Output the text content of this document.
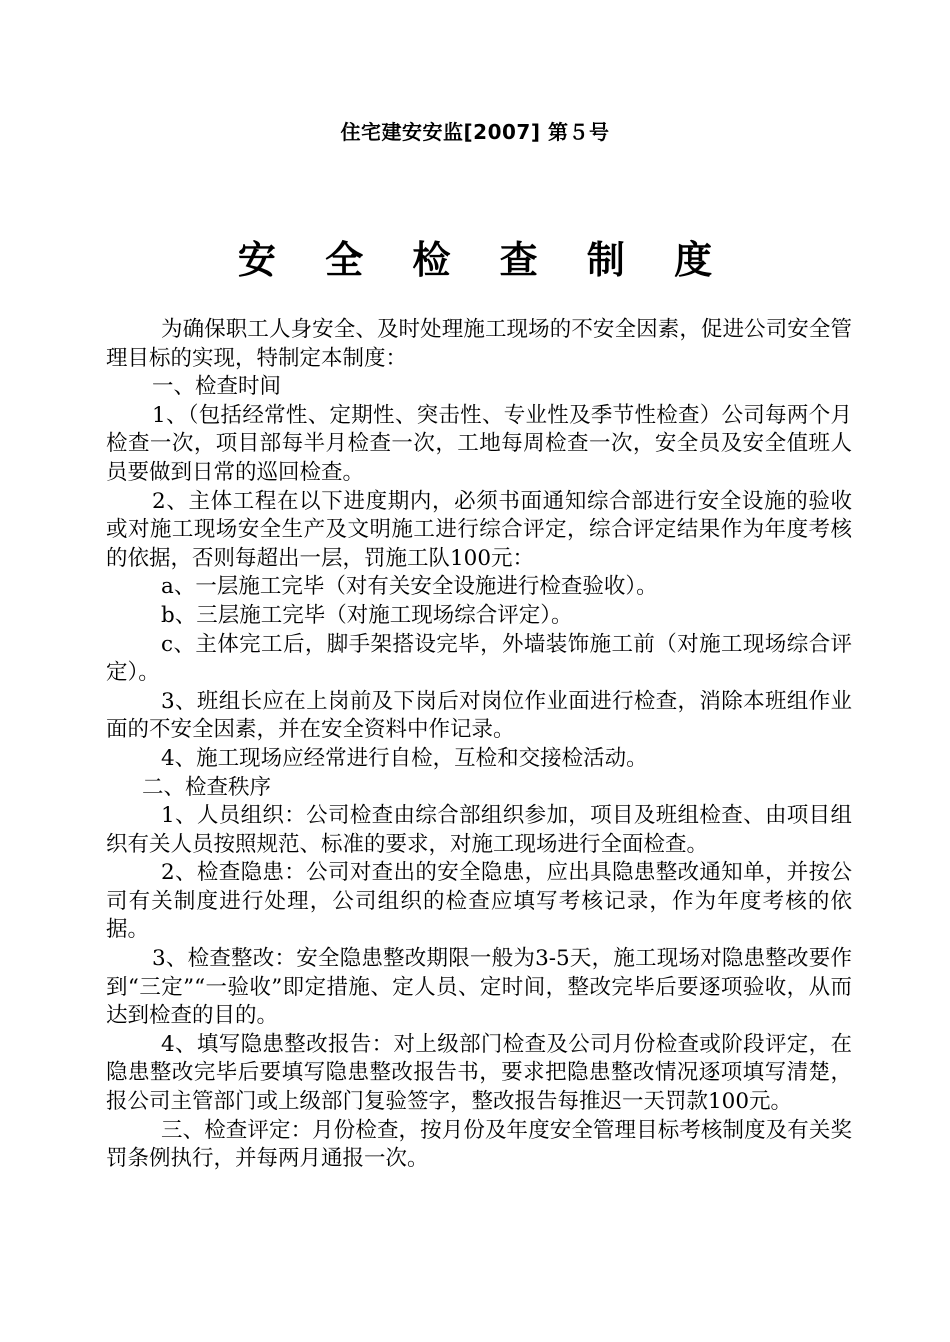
住宅建安安监[2007] 第５号
安 全 检 查 制 度

为确保职工人身安全、及时处理施工现场的不安全因素，促进公司安全管理目标的实现，特制定本制度：

一、检查时间

1、（包括经常性、定期性、突击性、专业性及季节性检查）公司每两个月检查一次，项目部每半月检查一次，工地每周检查一次，安全员及安全值班人员要做到日常的巡回检查。

2、主体工程在以下进度期内，必须书面通知综合部进行安全设施的验收或对施工现场安全生产及文明施工进行综合评定，综合评定结果作为年度考核的依据，否则每超出一层，罚施工队100元：

a、一层施工完毕（对有关安全设施进行检查验收）。

b、三层施工完毕（对施工现场综合评定）。

c、主体完工后，脚手架搭设完毕，外墙装饰施工前（对施工现场综合评定）。

3、班组长应在上岗前及下岗后对岗位作业面进行检查，消除本班组作业面的不安全因素，并在安全资料中作记录。

4、施工现场应经常进行自检，互检和交接检活动。

二、检查秩序

1、人员组织：公司检查由综合部组织参加，项目及班组检查、由项目组织有关人员按照规范、标准的要求，对施工现场进行全面检查。

2、检查隐患：公司对查出的安全隐患，应出具隐患整改通知单，并按公司有关制度进行处理，公司组织的检查应填写考核记录，作为年度考核的依据。

3、检查整改：安全隐患整改期限一般为3-5天，施工现场对隐患整改要作到“三定”“一验收”即定措施、定人员、定时间，整改完毕后要逐项验收，从而达到检查的目的。

4、填写隐患整改报告：对上级部门检查及公司月份检查或阶段评定，在隐患整改完毕后要填写隐患整改报告书，要求把隐患整改情况逐项填写清楚，报公司主管部门或上级部门复验签字，整改报告每推迟一天罚款100元。

三、检查评定：月份检查，按月份及年度安全管理目标考核制度及有关奖罚条例执行，并每两月通报一次。
